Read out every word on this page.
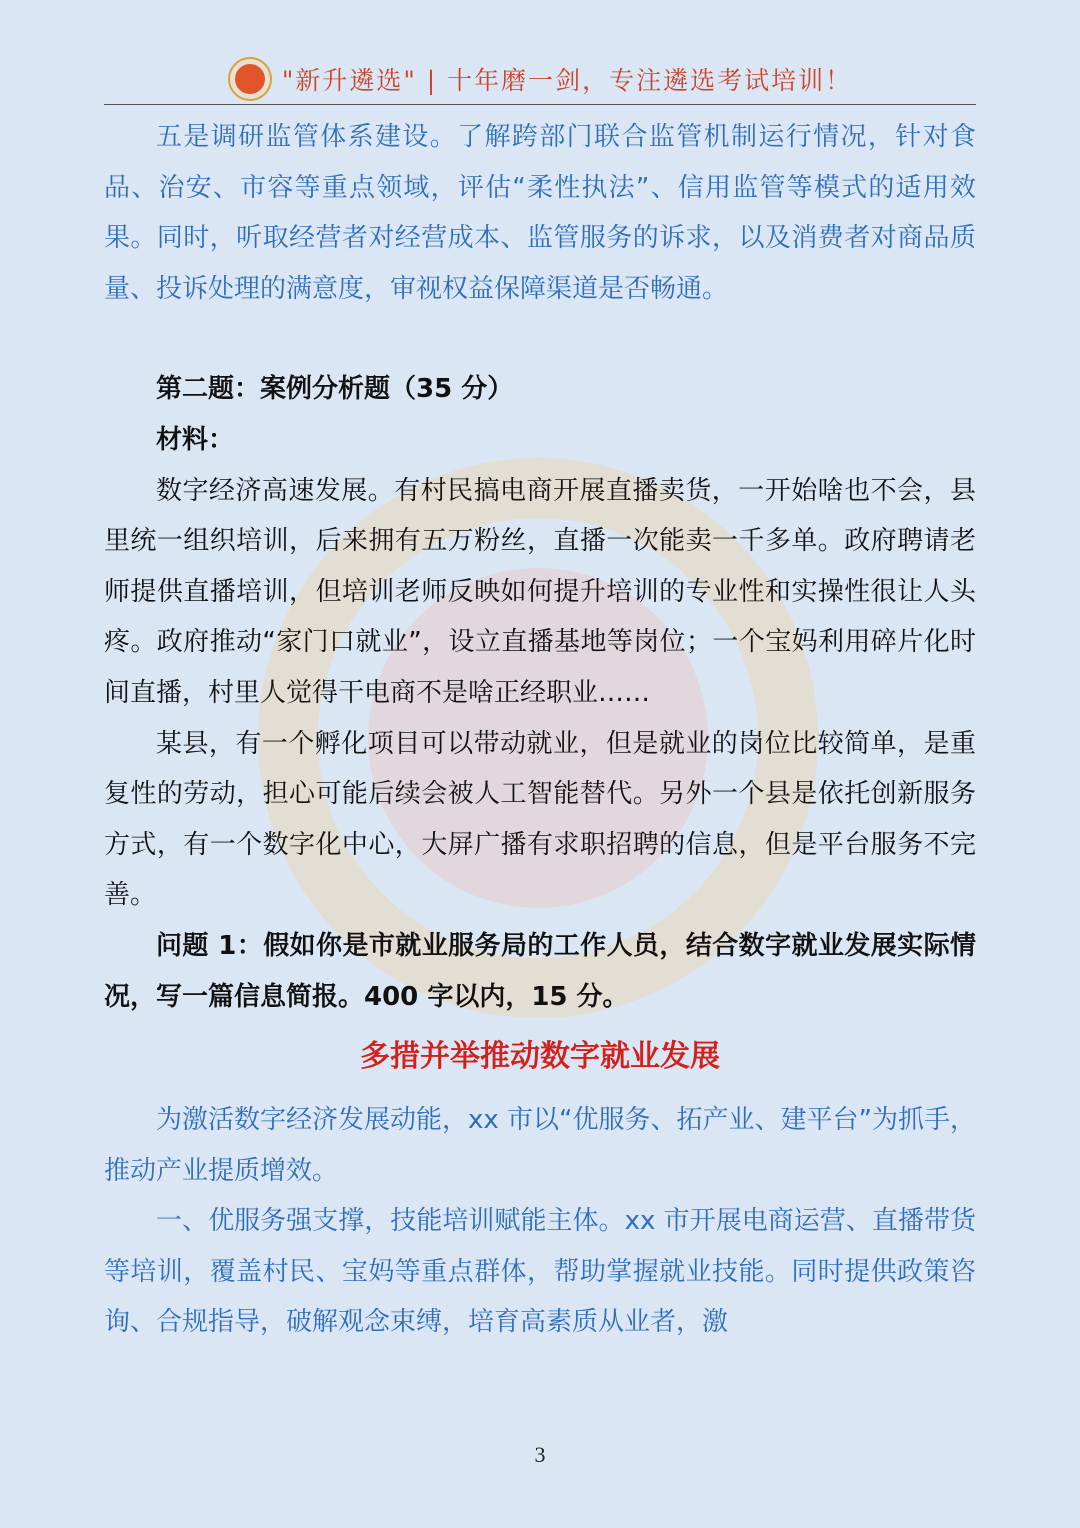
"新升遴选" | 十年磨一剑，专注遴选考试培训！

五是调研监管体系建设。了解跨部门联合监管机制运行情况，针对食品、治安、市容等重点领域，评估“柔性执法”、信用监管等模式的适用效果。同时，听取经营者对经营成本、监管服务的诉求，以及消费者对商品质量、投诉处理的满意度，审视权益保障渠道是否畅通。

第二题：案例分析题（35 分）

材料：

数字经济高速发展。有村民搞电商开展直播卖货，一开始啥也不会，县里统一组织培训，后来拥有五万粉丝，直播一次能卖一千多单。政府聘请老师提供直播培训，但培训老师反映如何提升培训的专业性和实操性很让人头疼。政府推动“家门口就业”，设立直播基地等岗位；一个宝妈利用碎片化时间直播，村里人觉得干电商不是啥正经职业……

某县，有一个孵化项目可以带动就业，但是就业的岗位比较简单，是重复性的劳动，担心可能后续会被人工智能替代。另外一个县是依托创新服务方式，有一个数字化中心，大屏广播有求职招聘的信息，但是平台服务不完善。

问题 1：假如你是市就业服务局的工作人员，结合数字就业发展实际情况，写一篇信息简报。400 字以内，15 分。

多措并举推动数字就业发展

为激活数字经济发展动能，xx 市以“优服务、拓产业、建平台”为抓手，推动产业提质增效。

一、优服务强支撑，技能培训赋能主体。xx 市开展电商运营、直播带货等培训，覆盖村民、宝妈等重点群体，帮助掌握就业技能。同时提供政策咨询、合规指导，破解观念束缚，培育高素质从业者，激

3
